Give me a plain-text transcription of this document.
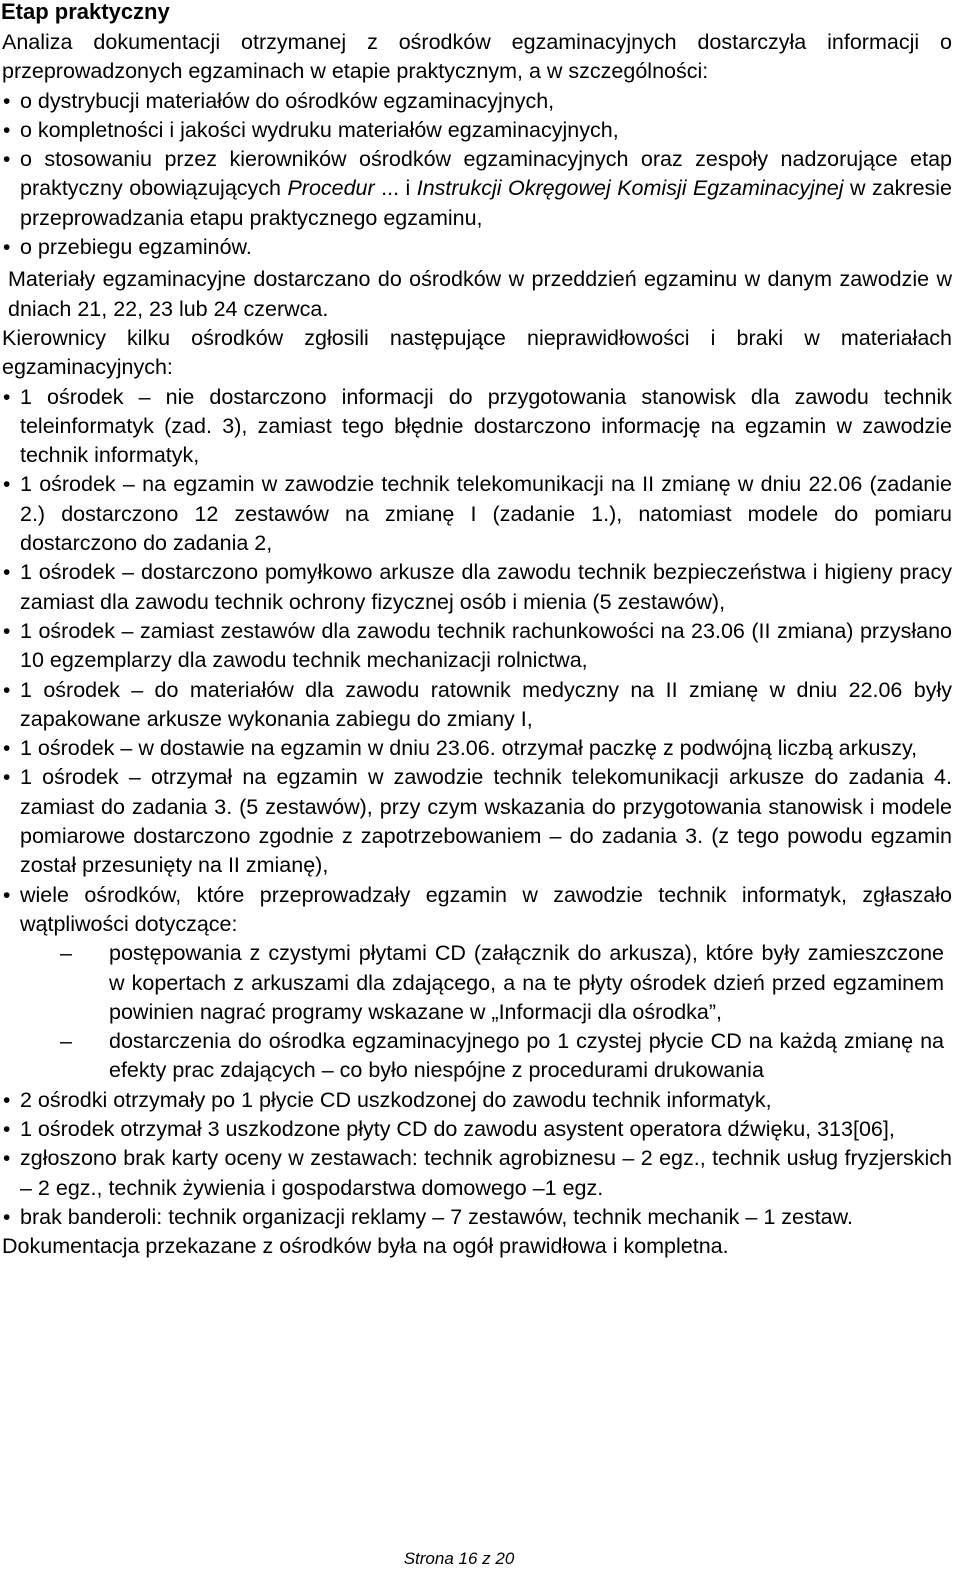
Etap praktyczny

Analiza dokumentacji otrzymanej z ośrodków egzaminacyjnych dostarczyła informacji o przeprowadzonych egzaminach w etapie praktycznym, a w szczególności:

• o dystrybucji materiałów do ośrodków egzaminacyjnych,
• o kompletności i jakości wydruku materiałów egzaminacyjnych,
• o stosowaniu przez kierowników ośrodków egzaminacyjnych oraz zespoły nadzorujące etap praktyczny obowiązujących Procedur ... i Instrukcji Okręgowej Komisji Egzaminacyjnej w zakresie przeprowadzania etapu praktycznego egzaminu,
• o przebiegu egzaminów.

Materiały egzaminacyjne dostarczano do ośrodków w przeddzień egzaminu w danym zawodzie w dniach 21, 22, 23 lub 24 czerwca.

Kierownicy kilku ośrodków zgłosili następujące nieprawidłowości i braki w materiałach egzaminacyjnych:

• 1 ośrodek – nie dostarczono informacji do przygotowania stanowisk dla zawodu technik teleinformatyk (zad. 3), zamiast tego błędnie dostarczono informację na egzamin w zawodzie technik informatyk,
• 1 ośrodek – na egzamin w zawodzie technik telekomunikacji na II zmianę w dniu 22.06 (zadanie 2.) dostarczono 12 zestawów na zmianę I (zadanie 1.), natomiast modele do pomiaru dostarczono do zadania 2,
• 1 ośrodek – dostarczono pomyłkowo arkusze dla zawodu technik bezpieczeństwa i higieny pracy zamiast dla zawodu technik ochrony fizycznej osób i mienia (5 zestawów),
• 1 ośrodek – zamiast zestawów dla zawodu technik rachunkowości na 23.06 (II zmiana) przysłano 10 egzemplarzy dla zawodu technik mechanizacji rolnictwa,
• 1 ośrodek – do materiałów dla zawodu ratownik medyczny na II zmianę w dniu 22.06 były zapakowane arkusze wykonania zabiegu do zmiany I,
• 1 ośrodek – w dostawie na egzamin w dniu 23.06. otrzymał paczkę z podwójną liczbą arkuszy,
• 1 ośrodek – otrzymał na egzamin w zawodzie technik telekomunikacji arkusze do zadania 4. zamiast do zadania 3. (5 zestawów), przy czym wskazania do przygotowania stanowisk i modele pomiarowe dostarczono zgodnie z zapotrzebowaniem – do zadania 3. (z tego powodu egzamin został przesunięty na II zmianę),
• wiele ośrodków, które przeprowadzały egzamin w zawodzie technik informatyk, zgłaszało wątpliwości dotyczące:
– postępowania z czystymi płytami CD (załącznik do arkusza), które były zamieszczone w kopertach z arkuszami dla zdającego, a na te płyty ośrodek dzień przed egzaminem powinien nagrać programy wskazane w „Informacji dla ośrodka”,
– dostarczenia do ośrodka egzaminacyjnego po 1 czystej płycie CD na każdą zmianę na efekty prac zdających – co było niespójne z procedurami drukowania
• 2 ośrodki otrzymały po 1 płycie CD uszkodzonej do zawodu technik informatyk,
• 1 ośrodek otrzymał 3 uszkodzone płyty CD do zawodu asystent operatora dźwięku, 313[06],
• zgłoszono brak karty oceny w zestawach: technik agrobiznesu – 2 egz., technik usług fryzjerskich – 2 egz., technik żywienia i gospodarstwa domowego –1 egz.
• brak banderoli: technik organizacji reklamy – 7 zestawów, technik mechanik – 1 zestaw.

Dokumentacja przekazane z ośrodków była na ogół prawidłowa i kompletna.

Strona 16 z 20
